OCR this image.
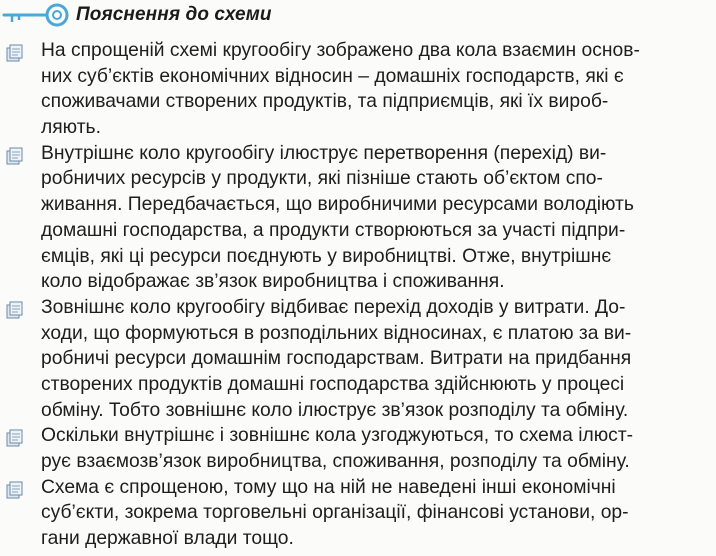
Пояснення до схеми
На спрощеній схемі кругообігу зображено два кола взаємин основ-
них суб’єктів економічних відносин – домашніх господарств, які є
споживачами створених продуктів, та підприємців, які їх вироб-
ляють.
Внутрішнє коло кругообігу ілюструє перетворення (перехід) ви-
робничих ресурсів у продукти, які пізніше стають об’єктом спо-
живання. Передбачається, що виробничими ресурсами володіють
домашні господарства, а продукти створюються за участі підпри-
ємців, які ці ресурси поєднують у виробництві. Отже, внутрішнє
коло відображає зв’язок виробництва і споживання.
Зовнішнє коло кругообігу відбиває перехід доходів у витрати. До-
ходи, що формуються в розподільних відносинах, є платою за ви-
робничі ресурси домашнім господарствам. Витрати на придбання
створених продуктів домашні господарства здійснюють у процесі
обміну. Тобто зовнішнє коло ілюструє зв’язок розподілу та обміну.
Оскільки внутрішнє і зовнішнє кола узгоджуються, то схема ілюст-
рує взаємозв’язок виробництва, споживання, розподілу та обміну.
Схема є спрощеною, тому що на ній не наведені інші економічні
суб’єкти, зокрема торговельні організації, фінансові установи, ор-
гани державної влади тощо.
